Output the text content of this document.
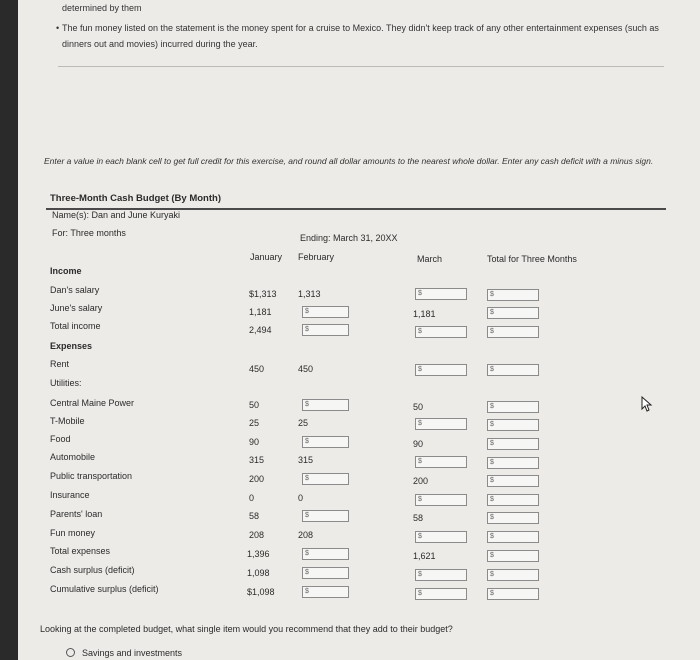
determined by them
• The fun money listed on the statement is the money spent for a cruise to Mexico. They didn't keep track of any other entertainment expenses (such as dinners out and movies) incurred during the year.
Enter a value in each blank cell to get full credit for this exercise, and round all dollar amounts to the nearest whole dollar. Enter any cash deficit with a minus sign.
Three-Month Cash Budget (By Month)
Name(s): Dan and June Kuryaki
For: Three months	Ending: March 31, 20XX
January February	March	Total for Three Months
Income
Dan's salary	$1,313 1,313	$	$
June's salary	1,181	$	1,181	$
Total income	2,494	$	$	$
Expenses
Rent	450	450	$	$
Utilities:
Central Maine Power	50	$	50	$
T-Mobile	25	25	$	$
Food	90	$	90	$
Automobile	315	315	$	$
Public transportation	200	$	200	$
Insurance	0	0	$	$
Parents' loan	58	$	58	$
Fun money	208	208	$	$
Total expenses	1,396	$	1,621	$
Cash surplus (deficit)	1,098	$	$	$
Cumulative surplus (deficit)	$1,098	$	$	$
Looking at the completed budget, what single item would you recommend that they add to their budget?
Savings and investments
